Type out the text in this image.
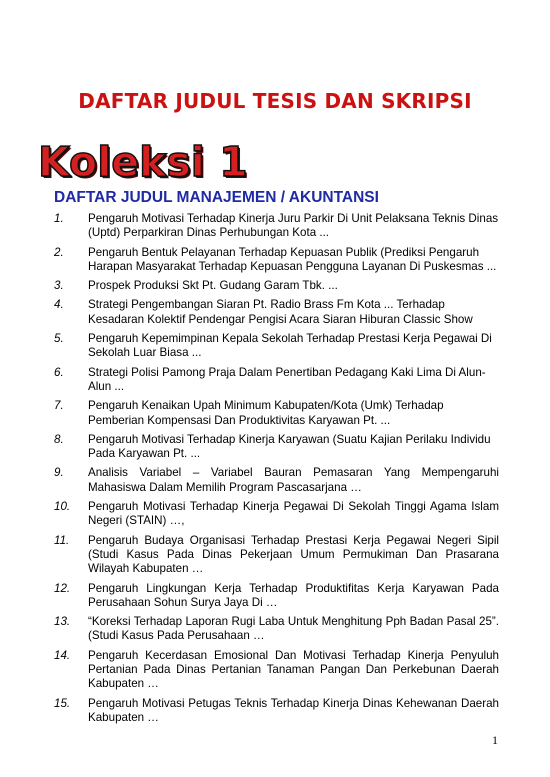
DAFTAR JUDUL TESIS DAN SKRIPSI
Koleksi 1
DAFTAR JUDUL MANAJEMEN / AKUNTANSI
1. Pengaruh Motivasi Terhadap Kinerja Juru Parkir Di Unit Pelaksana Teknis Dinas (Uptd) Perparkiran Dinas Perhubungan Kota ...
2. Pengaruh Bentuk Pelayanan Terhadap Kepuasan Publik (Prediksi Pengaruh Harapan Masyarakat Terhadap Kepuasan Pengguna Layanan Di Puskesmas ...
3. Prospek Produksi Skt Pt. Gudang Garam Tbk. ...
4. Strategi Pengembangan Siaran Pt. Radio Brass Fm Kota ... Terhadap Kesadaran Kolektif Pendengar Pengisi Acara Siaran Hiburan Classic Show
5. Pengaruh Kepemimpinan Kepala Sekolah Terhadap Prestasi Kerja Pegawai Di Sekolah Luar Biasa ...
6. Strategi Polisi Pamong Praja Dalam Penertiban Pedagang Kaki Lima Di Alun-Alun ...
7. Pengaruh Kenaikan Upah Minimum Kabupaten/Kota (Umk) Terhadap Pemberian Kompensasi Dan Produktivitas Karyawan Pt. ...
8. Pengaruh Motivasi Terhadap Kinerja Karyawan (Suatu Kajian Perilaku Individu Pada Karyawan Pt. ...
9. Analisis Variabel – Variabel Bauran Pemasaran Yang Mempengaruhi Mahasiswa Dalam Memilih Program Pascasarjana …
10. Pengaruh Motivasi Terhadap Kinerja Pegawai Di Sekolah Tinggi Agama Islam Negeri (STAIN) …,
11. Pengaruh Budaya Organisasi Terhadap Prestasi Kerja Pegawai Negeri Sipil (Studi Kasus Pada Dinas Pekerjaan Umum Permukiman Dan Prasarana Wilayah Kabupaten …
12. Pengaruh Lingkungan Kerja Terhadap Produktifitas Kerja Karyawan Pada Perusahaan Sohun Surya Jaya Di …
13. “Koreksi Terhadap Laporan Rugi Laba Untuk Menghitung Pph Badan Pasal 25”. (Studi Kasus Pada Perusahaan …
14. Pengaruh Kecerdasan Emosional Dan Motivasi Terhadap Kinerja Penyuluh Pertanian Pada Dinas Pertanian Tanaman Pangan Dan Perkebunan Daerah Kabupaten …
15. Pengaruh Motivasi Petugas Teknis Terhadap Kinerja Dinas Kehewanan Daerah Kabupaten …
1
